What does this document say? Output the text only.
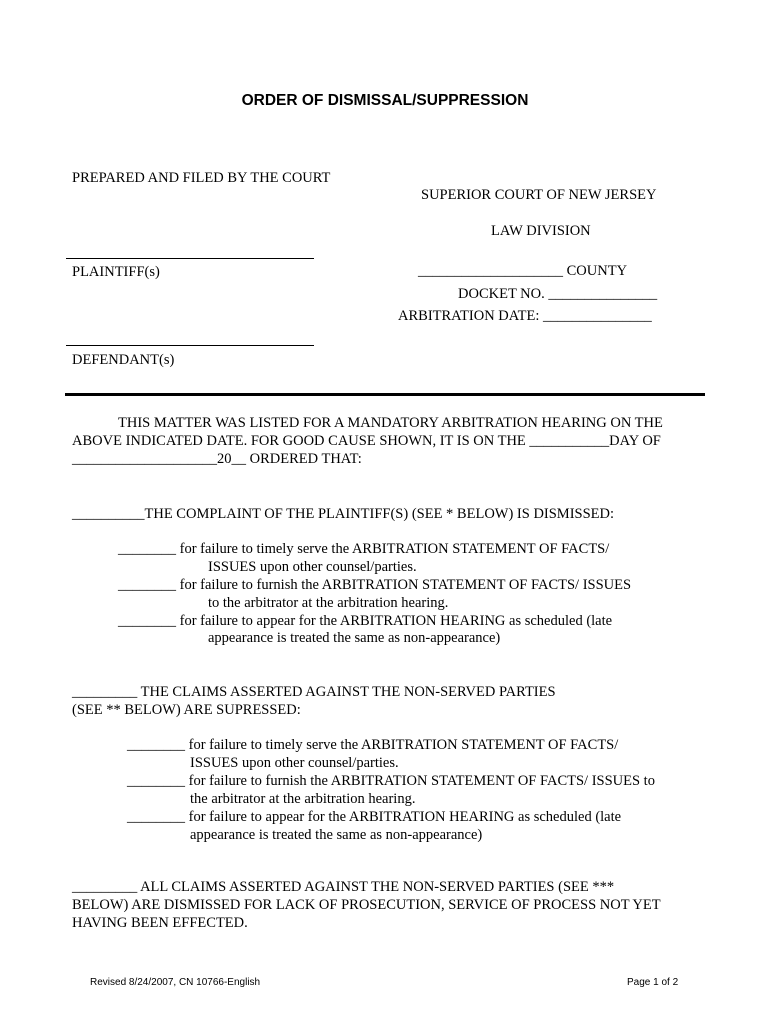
ORDER OF DISMISSAL/SUPPRESSION
PREPARED AND FILED BY THE COURT
SUPERIOR COURT OF NEW JERSEY
LAW DIVISION
____________________ COUNTY
DOCKET NO. _______________
ARBITRATION DATE: _______________
PLAINTIFF(s)
DEFENDANT(s)
THIS MATTER WAS LISTED FOR A MANDATORY ARBITRATION HEARING ON THE
ABOVE INDICATED DATE. FOR GOOD CAUSE SHOWN, IT IS ON THE ___________DAY OF
____________________20__ ORDERED THAT:
__________THE COMPLAINT OF THE PLAINTIFF(S) (SEE * BELOW) IS DISMISSED:
________ for failure to timely serve the ARBITRATION STATEMENT OF FACTS/
ISSUES upon other counsel/parties.
________ for failure to furnish the ARBITRATION STATEMENT OF FACTS/ ISSUES
to the arbitrator at the arbitration hearing.
________ for failure to appear for the ARBITRATION HEARING as scheduled (late
appearance is treated the same as non-appearance)
_________ THE CLAIMS ASSERTED AGAINST THE NON-SERVED PARTIES
(SEE ** BELOW) ARE SUPRESSED:
________ for failure to timely serve the ARBITRATION STATEMENT OF FACTS/
ISSUES upon other counsel/parties.
________ for failure to furnish the ARBITRATION STATEMENT OF FACTS/ ISSUES to
the arbitrator at the arbitration hearing.
________ for failure to appear for the ARBITRATION HEARING as scheduled (late
appearance is treated the same as non-appearance)
_________ ALL CLAIMS ASSERTED AGAINST THE NON-SERVED PARTIES (SEE ***
BELOW) ARE DISMISSED FOR LACK OF PROSECUTION, SERVICE OF PROCESS NOT YET
HAVING BEEN EFFECTED.
Revised 8/24/2007, CN 10766-English	Page 1 of 2
